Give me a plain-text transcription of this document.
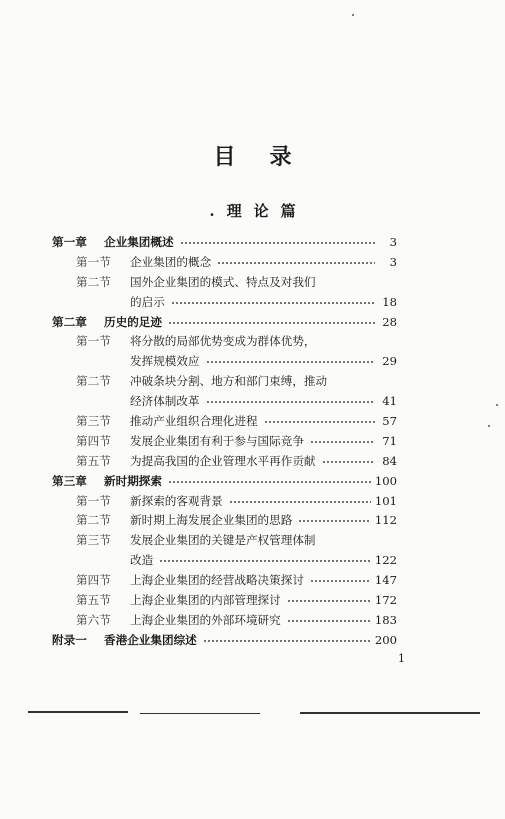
目录
.理论篇
第一章 企业集团概述	3
第一节 企业集团的概念	3
第二节 国外企业集团的模式、特点及对我们
的启示	18
第二章 历史的足迹	28
第一节 将分散的局部优势变成为群体优势，
发挥规模效应	29
第二节 冲破条块分割、地方和部门束缚，推动
经济体制改革	41
第三节 推动产业组织合理化进程	57
第四节 发展企业集团有利于参与国际竞争	71
第五节 为提高我国的企业管理水平再作贡献	84
第三章 新时期探索	100
第一节 新探索的客观背景	101
第二节 新时期上海发展企业集团的思路	112
第三节 发展企业集团的关键是产权管理体制
改造	122
第四节 上海企业集团的经营战略决策探讨	147
第五节 上海企业集团的内部管理探讨	172
第六节 上海企业集团的外部环境研究	183
附录一 香港企业集团综述	200
1
